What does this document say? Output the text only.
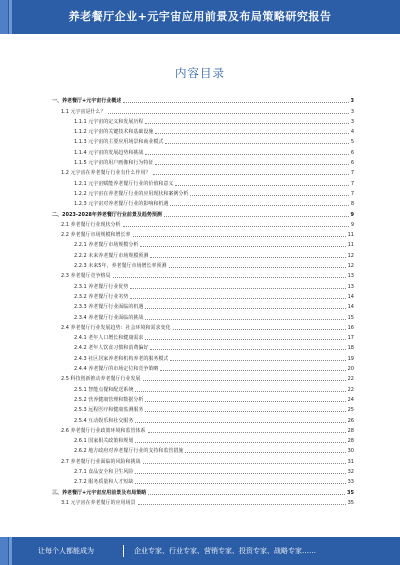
养老餐厅企业+元宇宙应用前景及布局策略研究报告
内容目录
一、养老餐厅+元宇宙行业概述	3
1.1 元宇宙是什么？	3
1.1.1 元宇宙的定义和发展历程	3
1.1.2 元宇宙的关键技术和基础设施	4
1.1.3 元宇宙的主要应用场景和商业模式	5
1.1.4 元宇宙的发展趋势和挑战	6
1.1.5 元宇宙的用户画像和行为特征	6
1.2 元宇宙在养老餐厅行业有什么作用？	7
1.2.1 元宇宙赋能养老餐厅行业的价值和意义	7
1.2.2 元宇宙在养老餐厅行业的应用现状和案例分析	7
1.2.3 元宇宙对养老餐厅行业的影响和机遇	8
二、2023-2028年养老餐厅行业前景及趋势预测	9
2.1 养老餐厅行业现状分析	9
2.2 养老餐厅市场规模和增长率	11
2.2.1 养老餐厅市场规模分析	11
2.2.2 未来养老餐厅市场规模预测	12
2.2.3 未来5年，养老餐厅市场增长率预测	12
2.3 养老餐厅竞争格局	13
2.3.1 养老餐厅行业优势	13
2.3.2 养老餐厅行业劣势	14
2.3.3 养老餐厅行业面临的机遇	14
2.3.4 养老餐厅行业面临的挑战	15
2.4 养老餐厅行业发展趋势：社会环境和需求变化	16
2.4.1 老年人口增长和健康需求	17
2.4.2 老年人饮食习惯和消费偏好	18
2.4.3 社区居家养老和机构养老的服务模式	19
2.4.4 养老餐厅的市场定位和竞争策略	20
2.5 科技创新推动养老餐厅行业发展	22
2.5.1 智能点餐和配送系统	22
2.5.2 营养健康管理和数据分析	24
2.5.3 远程医疗和健康监测服务	25
2.5.4 互动娱乐和社交服务	26
2.6 养老餐厅行业政策环境和监管体系	28
2.6.1 国家相关政策和规划	28
2.6.2 地方政府对养老餐厅行业的支持和监管措施	30
2.7 养老餐厅行业面临的风险和挑战	31
2.7.1 食品安全和卫生风险	32
2.7.2 服务质量和人才短缺	33
三、养老餐厅+元宇宙应用前景及布局策略	35
3.1 元宇宙在养老餐厅的应用场景	35
让每个人都能成为	企业专家、行业专家、营销专家、投资专家、战略专家……
